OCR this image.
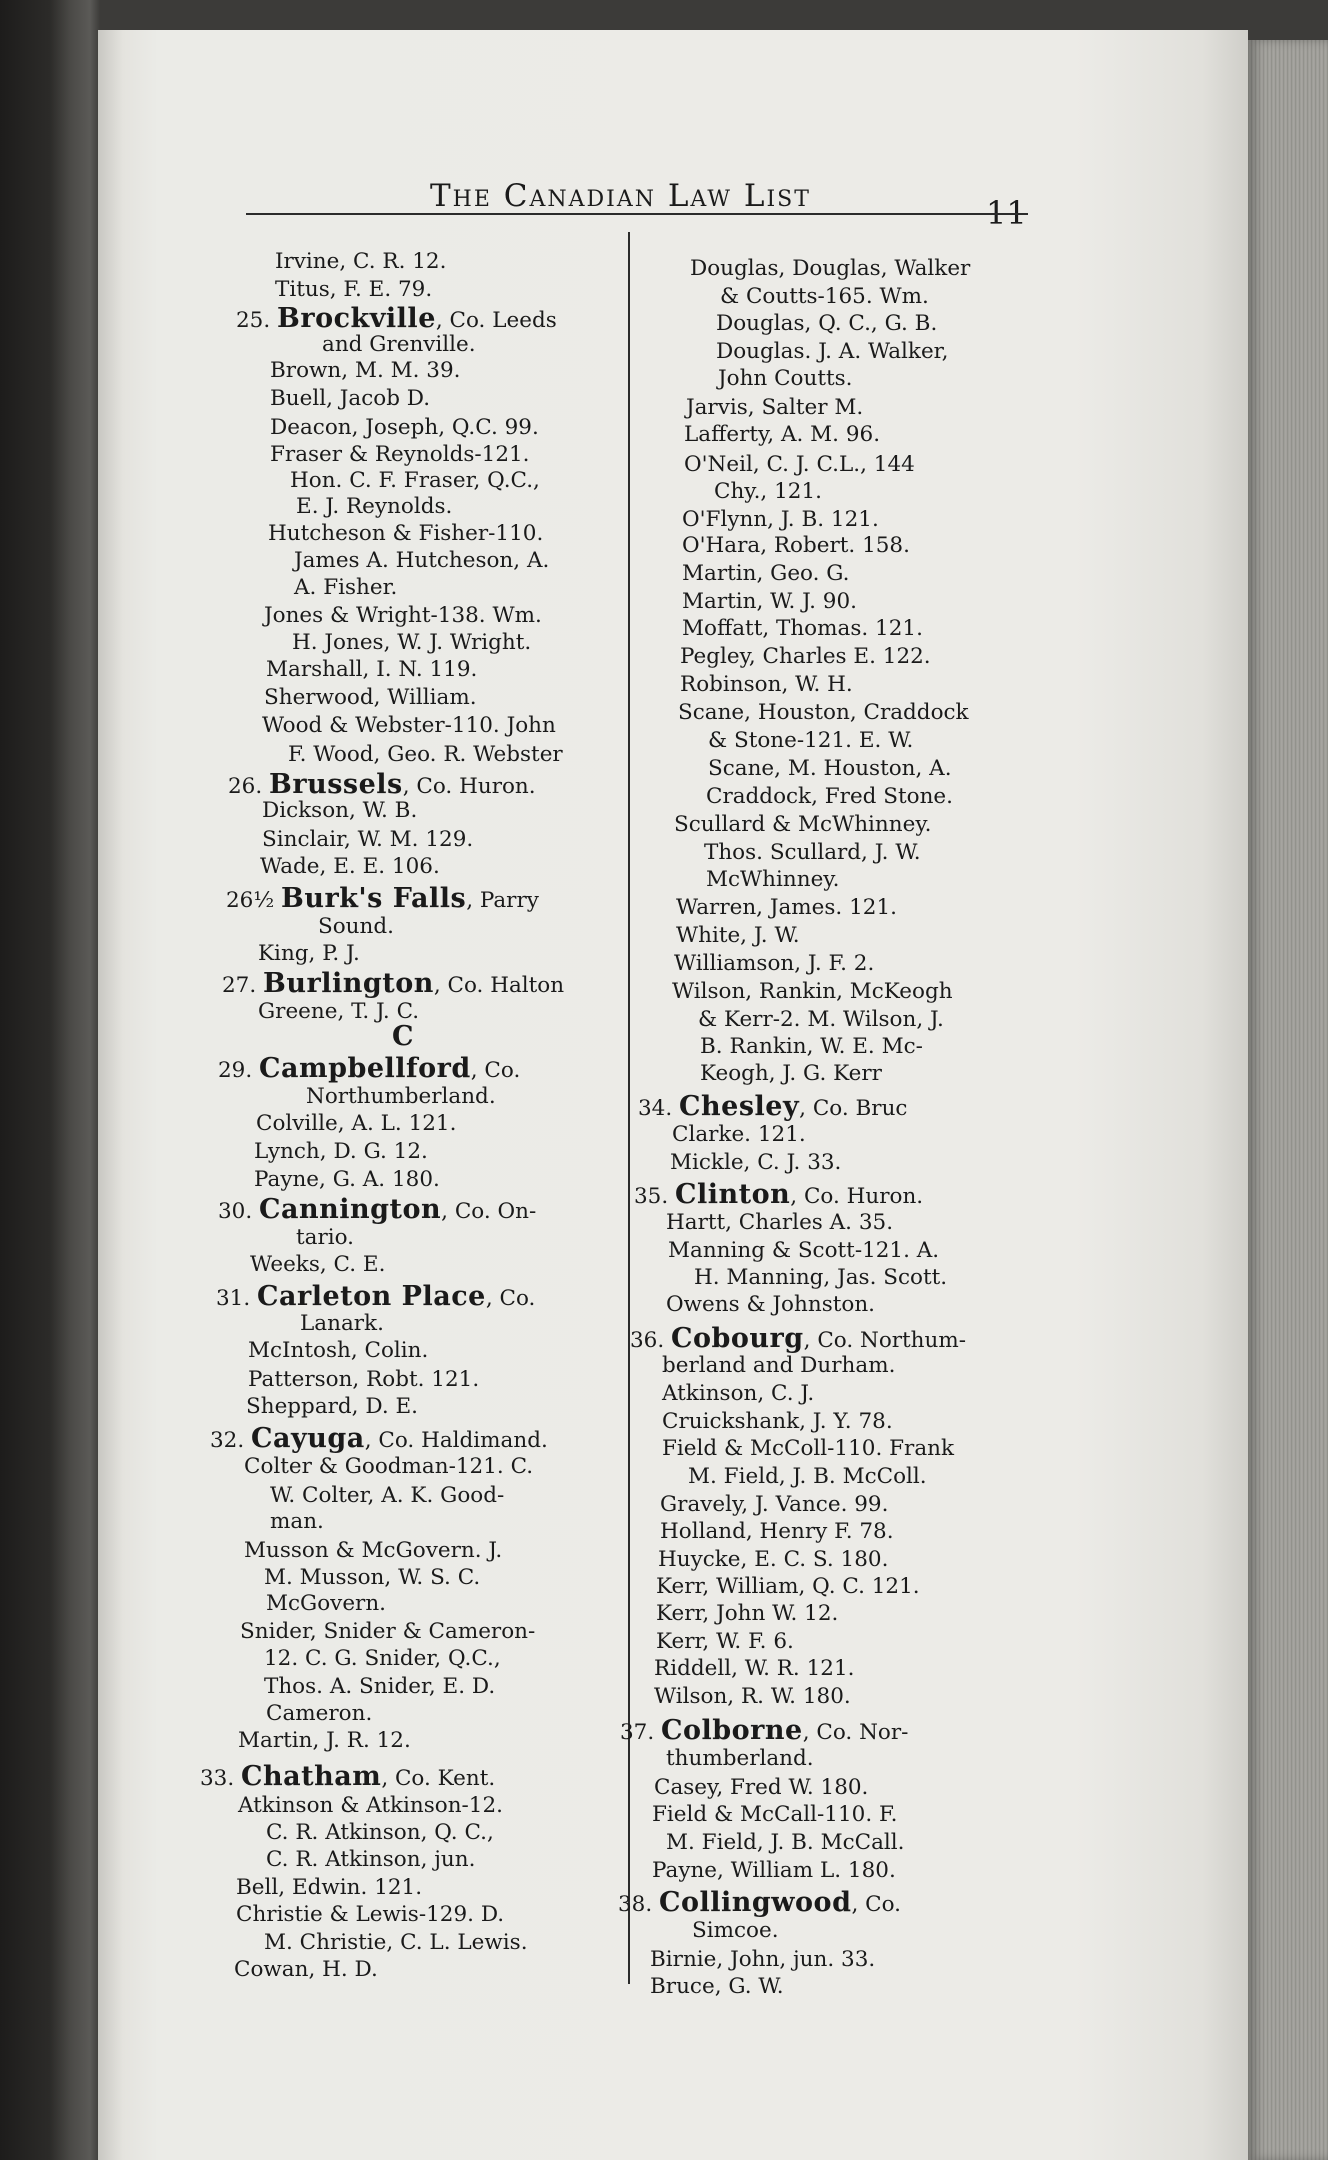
The Canadian Law List	11
Irvine, C. R. 12.
Titus, F. E. 79.
25. Brockville, Co. Leeds
and Grenville.
Brown, M. M. 39.
Buell, Jacob D.
Deacon, Joseph, Q.C. 99.
Fraser & Reynolds-121.
Hon. C. F. Fraser, Q.C.,
E. J. Reynolds.
Hutcheson & Fisher-110.
James A. Hutcheson, A.
A. Fisher.
Jones & Wright-138. Wm.
H. Jones, W. J. Wright.
Marshall, I. N. 119.
Sherwood, William.
Wood & Webster-110. John
F. Wood, Geo. R. Webster
26. Brussels, Co. Huron.
Dickson, W. B.
Sinclair, W. M. 129.
Wade, E. E. 106.
26½ Burk's Falls, Parry
Sound.
King, P. J.
27. Burlington, Co. Halton
Greene, T. J. C.
C
29. Campbellford, Co.
Northumberland.
Colville, A. L. 121.
Lynch, D. G. 12.
Payne, G. A. 180.
30. Cannington, Co. On-
tario.
Weeks, C. E.
31. Carleton Place, Co.
Lanark.
McIntosh, Colin.
Patterson, Robt. 121.
Sheppard, D. E.
32. Cayuga, Co. Haldimand.
Colter & Goodman-121. C.
W. Colter, A. K. Good-
man.
Musson & McGovern. J.
M. Musson, W. S. C.
McGovern.
Snider, Snider & Cameron-
12. C. G. Snider, Q.C.,
Thos. A. Snider, E. D.
Cameron.
Martin, J. R. 12.
33. Chatham, Co. Kent.
Atkinson & Atkinson-12.
C. R. Atkinson, Q. C.,
C. R. Atkinson, jun.
Bell, Edwin. 121.
Christie & Lewis-129. D.
M. Christie, C. L. Lewis.
Cowan, H. D.
Douglas, Douglas, Walker
& Coutts-165. Wm.
Douglas, Q. C., G. B.
Douglas. J. A. Walker,
John Coutts.
Jarvis, Salter M.
Lafferty, A. M. 96.
O'Neil, C. J. C.L., 144
Chy., 121.
O'Flynn, J. B. 121.
O'Hara, Robert. 158.
Martin, Geo. G.
Martin, W. J. 90.
Moffatt, Thomas. 121.
Pegley, Charles E. 122.
Robinson, W. H.
Scane, Houston, Craddock
& Stone-121. E. W.
Scane, M. Houston, A.
Craddock, Fred Stone.
Scullard & McWhinney.
Thos. Scullard, J. W.
McWhinney.
Warren, James. 121.
White, J. W.
Williamson, J. F. 2.
Wilson, Rankin, McKeogh
& Kerr-2. M. Wilson, J.
B. Rankin, W. E. Mc-
Keogh, J. G. Kerr
34. Chesley, Co. Bruc
Clarke. 121.
Mickle, C. J. 33.
35. Clinton, Co. Huron.
Hartt, Charles A. 35.
Manning & Scott-121. A.
H. Manning, Jas. Scott.
Owens & Johnston.
36. Cobourg, Co. Northum-
berland and Durham.
Atkinson, C. J.
Cruickshank, J. Y. 78.
Field & McColl-110. Frank
M. Field, J. B. McColl.
Gravely, J. Vance. 99.
Holland, Henry F. 78.
Huycke, E. C. S. 180.
Kerr, William, Q. C. 121.
Kerr, John W. 12.
Kerr, W. F. 6.
Riddell, W. R. 121.
Wilson, R. W. 180.
37. Colborne, Co. Nor-
thumberland.
Casey, Fred W. 180.
Field & McCall-110. F.
M. Field, J. B. McCall.
Payne, William L. 180.
38. Collingwood, Co.
Simcoe.
Birnie, John, jun. 33.
Bruce, G. W.
